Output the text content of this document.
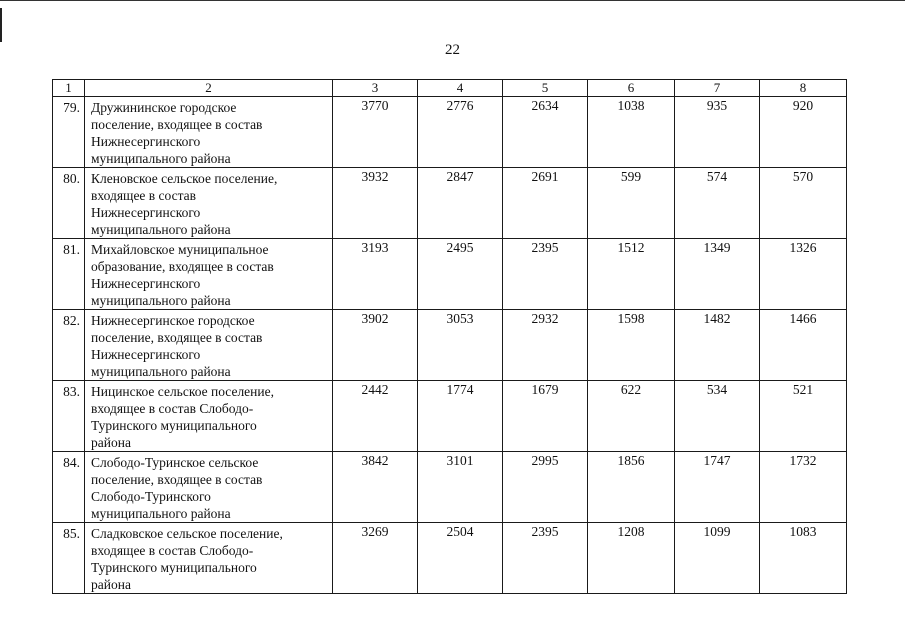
22
1	2	3	4	5	6	7	8
79.	Дружининское городское
поселение, входящее в состав
Нижнесергинского
муниципального района	3770	2776	2634	1038	935	920
80.	Кленовское сельское поселение,
входящее в состав
Нижнесергинского
муниципального района	3932	2847	2691	599	574	570
81.	Михайловское муниципальное
образование, входящее в состав
Нижнесергинского
муниципального района	3193	2495	2395	1512	1349	1326
82.	Нижнесергинское городское
поселение, входящее в состав
Нижнесергинского
муниципального района	3902	3053	2932	1598	1482	1466
83.	Ницинское сельское поселение,
входящее в состав Слободо-
Туринского муниципального
района	2442	1774	1679	622	534	521
84.	Слободо-Туринское сельское
поселение, входящее в состав
Слободо-Туринского
муниципального района	3842	3101	2995	1856	1747	1732
85.	Сладковское сельское поселение,
входящее в состав Слободо-
Туринского муниципального
района	3269	2504	2395	1208	1099	1083
